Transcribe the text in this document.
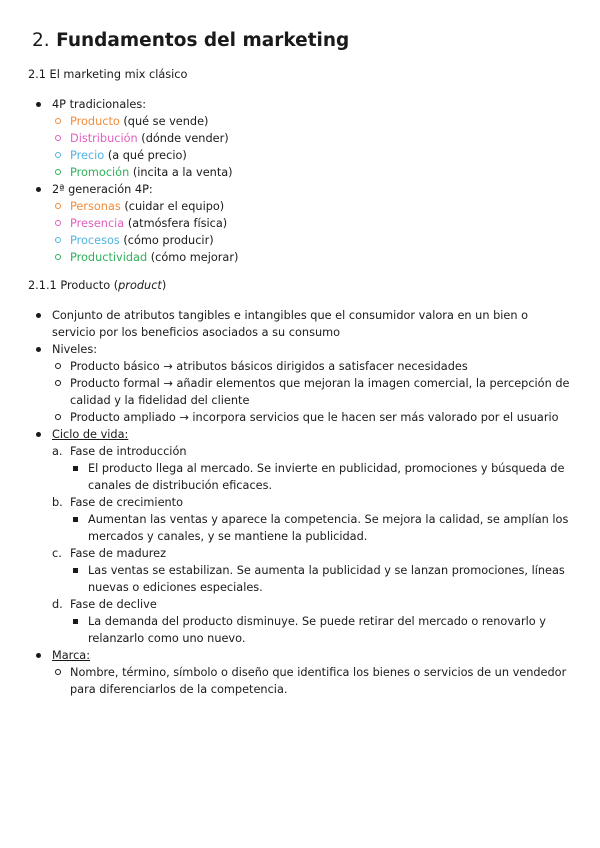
2. Fundamentos del marketing
2.1 El marketing mix clásico
4P tradicionales:
Producto (qué se vende)
Distribución (dónde vender)
Precio (a qué precio)
Promoción (incita a la venta)
2ª generación 4P:
Personas (cuidar el equipo)
Presencia (atmósfera física)
Procesos (cómo producir)
Productividad (cómo mejorar)
2.1.1 Producto (product)
Conjunto de atributos tangibles e intangibles que el consumidor valora en un bien o servicio por los beneficios asociados a su consumo
Niveles:
Producto básico → atributos básicos dirigidos a satisfacer necesidades
Producto formal → añadir elementos que mejoran la imagen comercial, la percepción de calidad y la fidelidad del cliente
Producto ampliado → incorpora servicios que le hacen ser más valorado por el usuario
Ciclo de vida:
a. Fase de introducción
El producto llega al mercado. Se invierte en publicidad, promociones y búsqueda de canales de distribución eficaces.
b. Fase de crecimiento
Aumentan las ventas y aparece la competencia. Se mejora la calidad, se amplían los mercados y canales, y se mantiene la publicidad.
c. Fase de madurez
Las ventas se estabilizan. Se aumenta la publicidad y se lanzan promociones, líneas nuevas o ediciones especiales.
d. Fase de declive
La demanda del producto disminuye. Se puede retirar del mercado o renovarlo y relanzarlo como uno nuevo.
Marca:
Nombre, término, símbolo o diseño que identifica los bienes o servicios de un vendedor para diferenciarlos de la competencia.
